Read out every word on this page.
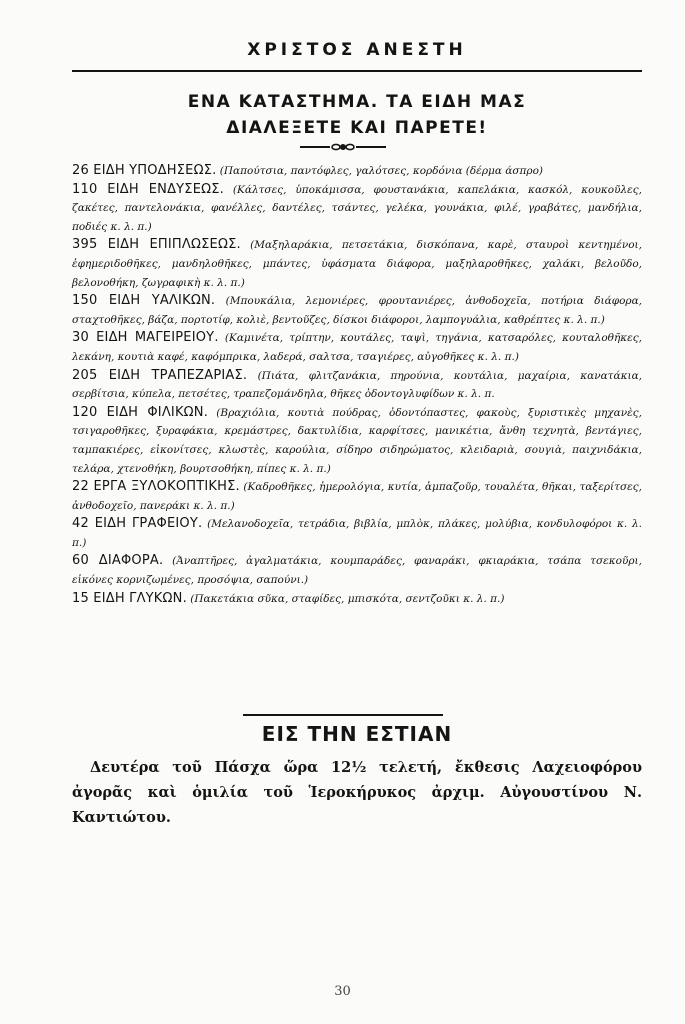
ΧΡΙΣΤΟΣ ΑΝΕΣΤΗ
ΕΝΑ ΚΑΤΑΣΤΗΜΑ. ΤΑ ΕΙΔΗ ΜΑΣ
ΔΙΑΛΕΞΕΤΕ ΚΑΙ ΠΑΡΕΤΕ!
26 ΕΙΔΗ ΥΠΟΔΗΣΕΩΣ. (Παπούτσια, παντόφλες, γαλότσες, κορδόνια (δέρμα άσπρο)
110 ΕΙΔΗ ΕΝΔΥΣΕΩΣ. (Κάλτσες, ὑποκάμισσα, φουστανάκια, καπελάκια, κασκόλ, κουκοῦλες, ζακέτες, παντελονάκια, φανέλλες, δαντέλες, τσάντες, γελέκα, γουνάκια, φιλέ, γραβάτες, μανδήλια, ποδιές κ. λ. π.)
395 ΕΙΔΗ ΕΠΙΠΛΩΣΕΩΣ. (Μαξηλαράκια, πετσετάκια, δισκόπανα, καρὲ, σταυροὶ κεντημένοι, ἐφημεριδοθῆκες, μανδηλοθῆκες, μπάντες, ὑφάσματα διάφορα, μαξηλαροθῆκες, χαλάκι, βελοῦδο, βελονοθήκη, ζωγραφικὴ κ. λ. π.)
150 ΕΙΔΗ ΥΑΛΙΚΩΝ. (Μπουκάλια, λεμονιέρες, φρουτανιέρες, ἀνθοδοχεῖα, ποτήρια διάφορα, σταχτοθῆκες, βάζα, πορτοτίφ, κολιὲ, βεντοῦζες, δίσκοι διάφοροι, λαμπογυάλια, καθρέπτες κ. λ. π.)
30 ΕΙΔΗ ΜΑΓΕΙΡΕΙΟΥ. (Καμινέτα, τρίπτην, κουτάλες, ταψὶ, τηγάνια, κατσαρόλες, κουταλοθῆκες, λεκάνη, κουτιὰ καφέ, καφόμπρικα, λαδερά, σαλτσα, τσαγιέρες, αὐγοθῆκες κ. λ. π.)
205 ΕΙΔΗ ΤΡΑΠΕΖΑΡΙΑΣ. (Πιάτα, φλιτζανάκια, πηρούνια, κουτάλια, μαχαίρια, κανατάκια, σερβίτσια, κύπελα, πετσέτες, τραπεζομάνδηλα, θῆκες ὀδοντογλυφίδων κ. λ. π.
120 ΕΙΔΗ ΦΙΛΙΚΩΝ. (Βραχιόλια, κουτιὰ πούδρας, ὀδοντόπαστες, φακοὺς, ξυριστικὲς μηχανὲς, τσιγαροθῆκες, ξυραφάκια, κρεμάστρες, δακτυλίδια, καρφίτσες, μανικέτια, ἄνθη τεχνητὰ, βεντάγιες, ταμπακιέρες, εἰκονίτσες, κλωστὲς, καρούλια, σίδηρο σιδηρώματος, κλειδαριὰ, σουγιὰ, παιχνιδάκια, τελάρα, χτενοθήκη, βουρτσοθήκη, πίπες κ. λ. π.)
22 ΕΡΓΑ ΞΥΛΟΚΟΠΤΙΚΗΣ. (Καδροθῆκες, ἡμερολόγια, κυτία, ἀμπαζοῦρ, τουαλέτα, θῆκαι, ταξερίτσες, ἀνθοδοχεῖο, πανεράκι κ. λ. π.)
42 ΕΙΔΗ ΓΡΑΦΕΙΟΥ. (Μελανοδοχεῖα, τετράδια, βιβλία, μπλὸκ, πλάκες, μολύβια, κονδυλοφόροι κ. λ. π.)
60 ΔΙΑΦΟΡΑ. (Ἀναπτῆρες, ἀγαλματάκια, κουμπαράδες, φαναράκι, φκιαράκια, τσάπα τσεκοῦρι, εἰκόνες κορνιζωμένες, προσόψια, σαπούνι.)
15 ΕΙΔΗ ΓΛΥΚΩΝ. (Πακετάκια σῦκα, σταφίδες, μπισκότα, σεντζοῦκι κ. λ. π.)
ΕΙΣ ΤΗΝ ΕΣΤΙΑΝ
Δευτέρα τοῦ Πάσχα ὥρα 12½ τελετή, ἔκθεσις Λαχειοφόρου ἀγορᾶς καὶ ὁμιλία τοῦ Ἱεροκήρυκος ἀρχιμ. Αὐγουστίνου Ν. Καντιώτου.
30
